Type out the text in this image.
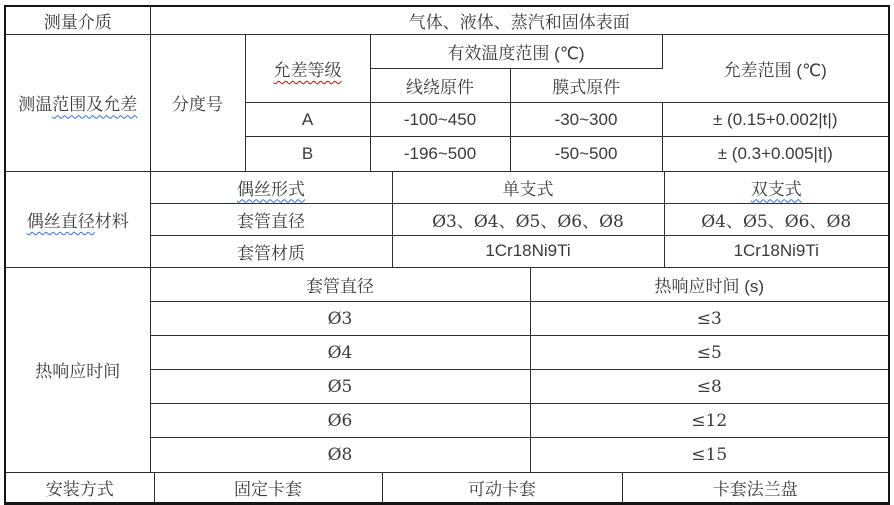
测量介质	气体、液体、蒸汽和固体表面
测温范围及允差	分度号	允差等级	有效温度范围 (℃)		允差范围 (℃)
			线绕原件	膜式原件	
		A	-100~450	-30~300	± (0.15+0.002|t|)
		B	-196~500	-50~500	± (0.3+0.005|t|)
偶丝直径材料	偶丝形式	单支式	双支式
	套管直径	Ø3、Ø4、Ø5、Ø6、Ø8	Ø4、Ø5、Ø6、Ø8
	套管材质	1Cr18Ni9Ti	1Cr18Ni9Ti
热响应时间	套管直径	热响应时间 (s)
	Ø3	≤3
	Ø4	≤5
	Ø5	≤8
	Ø6	≤12
	Ø8	≤15
安装方式	固定卡套	可动卡套	卡套法兰盘
